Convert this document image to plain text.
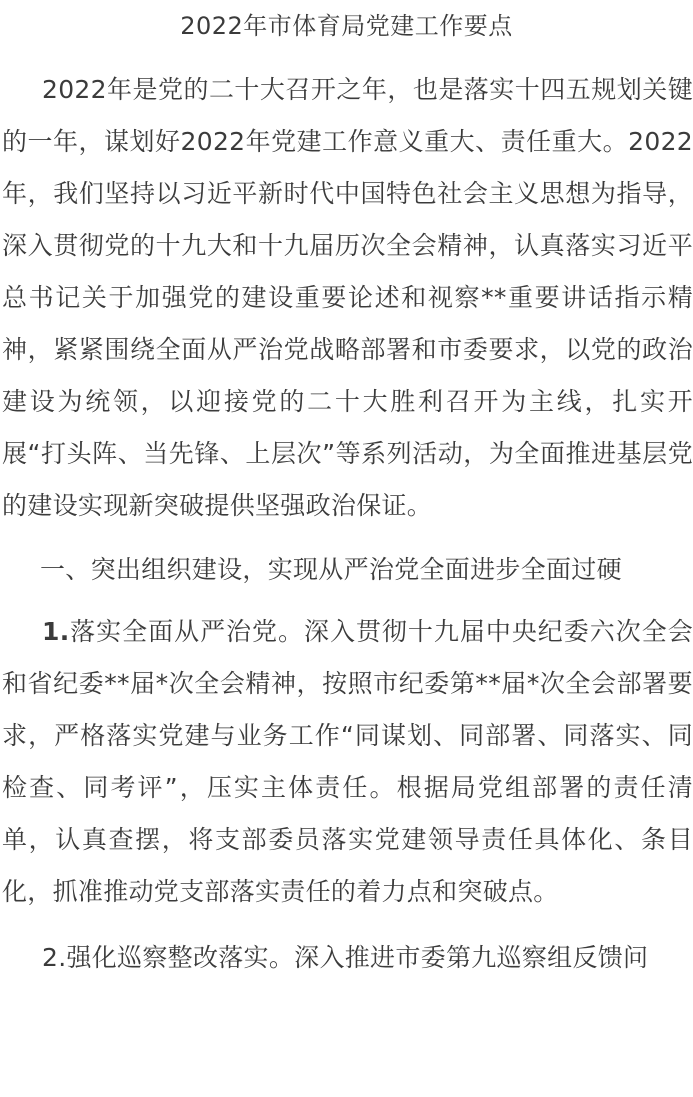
2022年市体育局党建工作要点

2022年是党的二十大召开之年，也是落实十四五规划关键的一年，谋划好2022年党建工作意义重大、责任重大。2022年，我们坚持以习近平新时代中国特色社会主义思想为指导，深入贯彻党的十九大和十九届历次全会精神，认真落实习近平总书记关于加强党的建设重要论述和视察**重要讲话指示精神，紧紧围绕全面从严治党战略部署和市委要求，以党的政治建设为统领，以迎接党的二十大胜利召开为主线，扎实开展“打头阵、当先锋、上层次”等系列活动，为全面推进基层党的建设实现新突破提供坚强政治保证。

一、突出组织建设，实现从严治党全面进步全面过硬

1.落实全面从严治党。深入贯彻十九届中央纪委六次全会和省纪委**届*次全会精神，按照市纪委第**届*次全会部署要求，严格落实党建与业务工作“同谋划、同部署、同落实、同检查、同考评”，压实主体责任。根据局党组部署的责任清单，认真查摆，将支部委员落实党建领导责任具体化、条目化，抓准推动党支部落实责任的着力点和突破点。

2.强化巡察整改落实。深入推进市委第九巡察组反馈问
